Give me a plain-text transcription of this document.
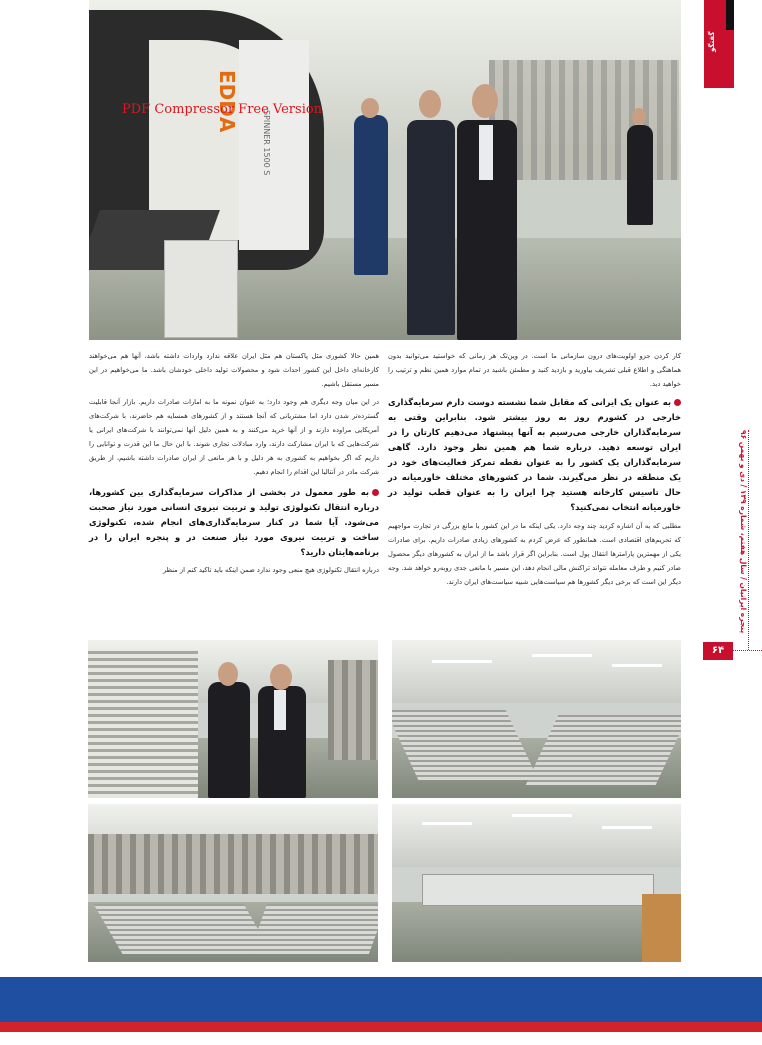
EDDA
SPINNER 1500 S
PDF Compressor Free Version

کار کردن جزو اولویت‌های درون سازمانی ما است. در وین‌تک هر زمانی که خواستید می‌توانید بدون هماهنگی و اطلاع قبلی تشریف بیاورید و بازدید کنید و مطمئن باشید در تمام موارد همین نظم و ترتیب را خواهید دید.

به عنوان یک ایرانی که مقابل شما نشسته دوست دارم سرمایه‌گذاری خارجی در کشورم روز به روز بیشتر شود. بنابراین وقتی به سرمایه‌گذاران خارجی می‌رسیم به آنها پیشنهاد می‌دهیم کارتان را در ایران توسعه دهید. درباره شما هم همین نظر وجود دارد. گاهی سرمایه‌گذاران یک کشور را به عنوان نقطه تمرکز فعالیت‌های خود در یک منطقه در نظر می‌گیرند. شما در کشورهای مختلف خاورمیانه در حال تاسیس کارخانه هستید چرا ایران را به عنوان قطب تولید در خاورمیانه انتخاب نمی‌کنید؟

مطلبی که به آن اشاره کردید چند وجه دارد. یکی اینکه ما در این کشور با مانع بزرگی در تجارت مواجهیم که تحریم‌های اقتصادی است. همانطور که عرض کردم به کشورهای زیادی صادرات داریم. برای صادرات یکی از مهمترین پارامترها انتقال پول است. بنابراین اگر قرار باشد ما از ایران به کشورهای دیگر محصول صادر کنیم و طرف معامله نتواند تراکنش مالی انجام دهد، این مسیر با مانعی جدی روبه‌رو خواهد شد. وجه دیگر این است که برخی دیگر کشورها هم سیاست‌هایی شبیه سیاست‌های ایران دارند.

همین حالا کشوری مثل پاکستان هم مثل ایران علاقه ندارد واردات داشته باشد، آنها هم می‌خواهند کارخانه‌ای داخل این کشور احداث شود و محصولات تولید داخلی خودشان باشد. ما می‌خواهیم در این مسیر مستقل باشیم.

در این میان وجه دیگری هم وجود دارد؛ به عنوان نمونه ما به امارات صادرات داریم. بازار آنجا قابلیت گسترده‌تر شدن دارد اما مشتریانی که آنجا هستند و از کشورهای همسایه هم حاضرند، با شرکت‌های آمریکایی مراوده دارند و از آنها خرید می‌کنند و به همین دلیل آنها نمی‌توانند با شرکت‌های ایرانی یا شرکت‌هایی که با ایران مشارکت دارند، وارد مبادلات تجاری شوند. با این حال ما این قدرت و توانایی را داریم که اگر بخواهیم به کشوری به هر دلیل و با هر مانعی از ایران صادرات داشته باشیم، از طریق شرکت مادر در آنتالیا این اقدام را انجام دهیم.

به طور معمول در بخشی از مذاکرات سرمایه‌گذاری بین کشورها، درباره انتقال تکنولوژی تولید و تربیت نیروی انسانی مورد نیاز صحبت می‌شود. آیا شما در کنار سرمایه‌گذاری‌های انجام شده، تکنولوژی ساخت و تربیت نیروی مورد نیاز صنعت در و پنجره ایران را در برنامه‌هایتان دارید؟

درباره انتقال تکنولوژی هیچ منعی وجود ندارد ضمن اینکه باید تاکید کنم از منظر

گفتگو
پنجره ایرانیان / سال هفتم، شماره ۱۳۹ / دی و بهمن ۹۶
۶۴
